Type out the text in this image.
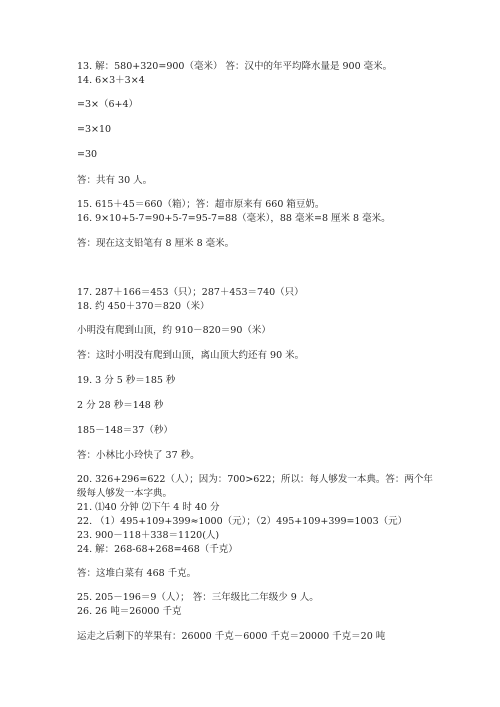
13. 解：580+320=900（毫米） 答：汉中的年平均降水量是 900 毫米。
14. 6×3＋3×4
=3×（6+4）
=3×10
=30
答：共有 30 人。
15. 615＋45＝660（箱）；答：超市原来有 660 箱豆奶。
16. 9×10+5-7=90+5-7=95-7=88（毫米），88 毫米=8 厘米 8 毫米。
答：现在这支铅笔有 8 厘米 8 毫米。
17. 287＋166＝453（只）；287＋453＝740（只）
18. 约 450＋370＝820（米）
小明没有爬到山顶，约 910－820＝90（米）
答：这时小明没有爬到山顶，离山顶大约还有 90 米。
19. 3 分 5 秒＝185 秒
2 分 28 秒＝148 秒
185－148＝37（秒）
答：小林比小玲快了 37 秒。
20. 326+296=622（人）；因为：700>622；所以：每人够发一本典。答：两个年
级每人够发一本字典。
21. ⑴40 分钟 ⑵下午 4 时 40 分
22. （1）495+109+399≈1000（元）；（2）495+109+399=1003（元）
23. 900－118＋338＝1120(人)
24. 解：268-68+268=468（千克）
答：这堆白菜有 468 千克。
25. 205－196＝9（人）； 答：三年级比二年级少 9 人。
26. 26 吨＝26000 千克
运走之后剩下的苹果有：26000 千克－6000 千克＝20000 千克＝20 吨
